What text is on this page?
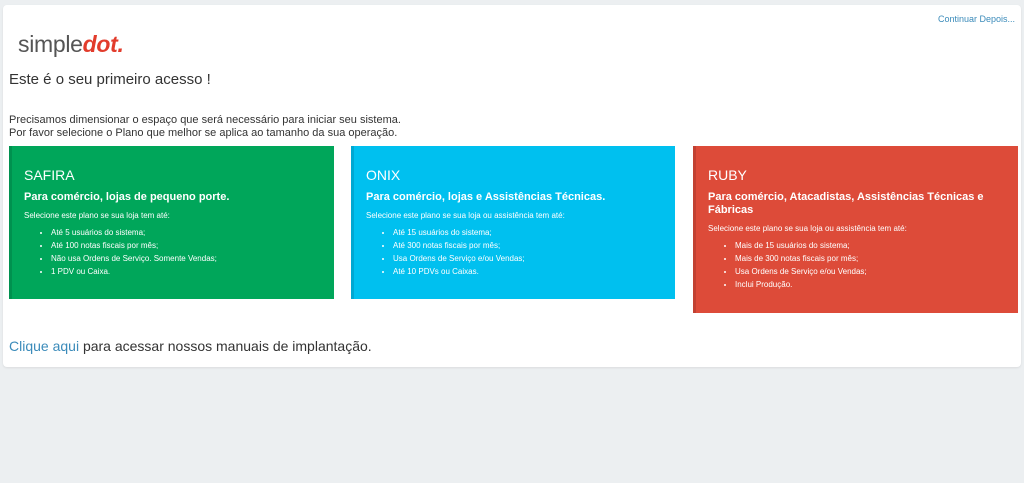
simpledot.
Continuar Depois...
Este é o seu primeiro acesso !
Precisamos dimensionar o espaço que será necessário para iniciar seu sistema.
Por favor selecione o Plano que melhor se aplica ao tamanho da sua operação.
SAFIRA
Para comércio, lojas de pequeno porte.
Selecione este plano se sua loja tem até:
• Até 5 usuários do sistema;
• Até 100 notas fiscais por mês;
• Não usa Ordens de Serviço. Somente Vendas;
• 1 PDV ou Caixa.
ONIX
Para comércio, lojas e Assistências Técnicas.
Selecione este plano se sua loja ou assistência tem até:
• Até 15 usuários do sistema;
• Até 300 notas fiscais por mês;
• Usa Ordens de Serviço e/ou Vendas;
• Até 10 PDVs ou Caixas.
RUBY
Para comércio, Atacadistas, Assistências Técnicas e Fábricas
Selecione este plano se sua loja ou assistência tem até:
• Mais de 15 usuários do sistema;
• Mais de 300 notas fiscais por mês;
• Usa Ordens de Serviço e/ou Vendas;
• Inclui Produção.
Clique aqui para acessar nossos manuais de implantação.
